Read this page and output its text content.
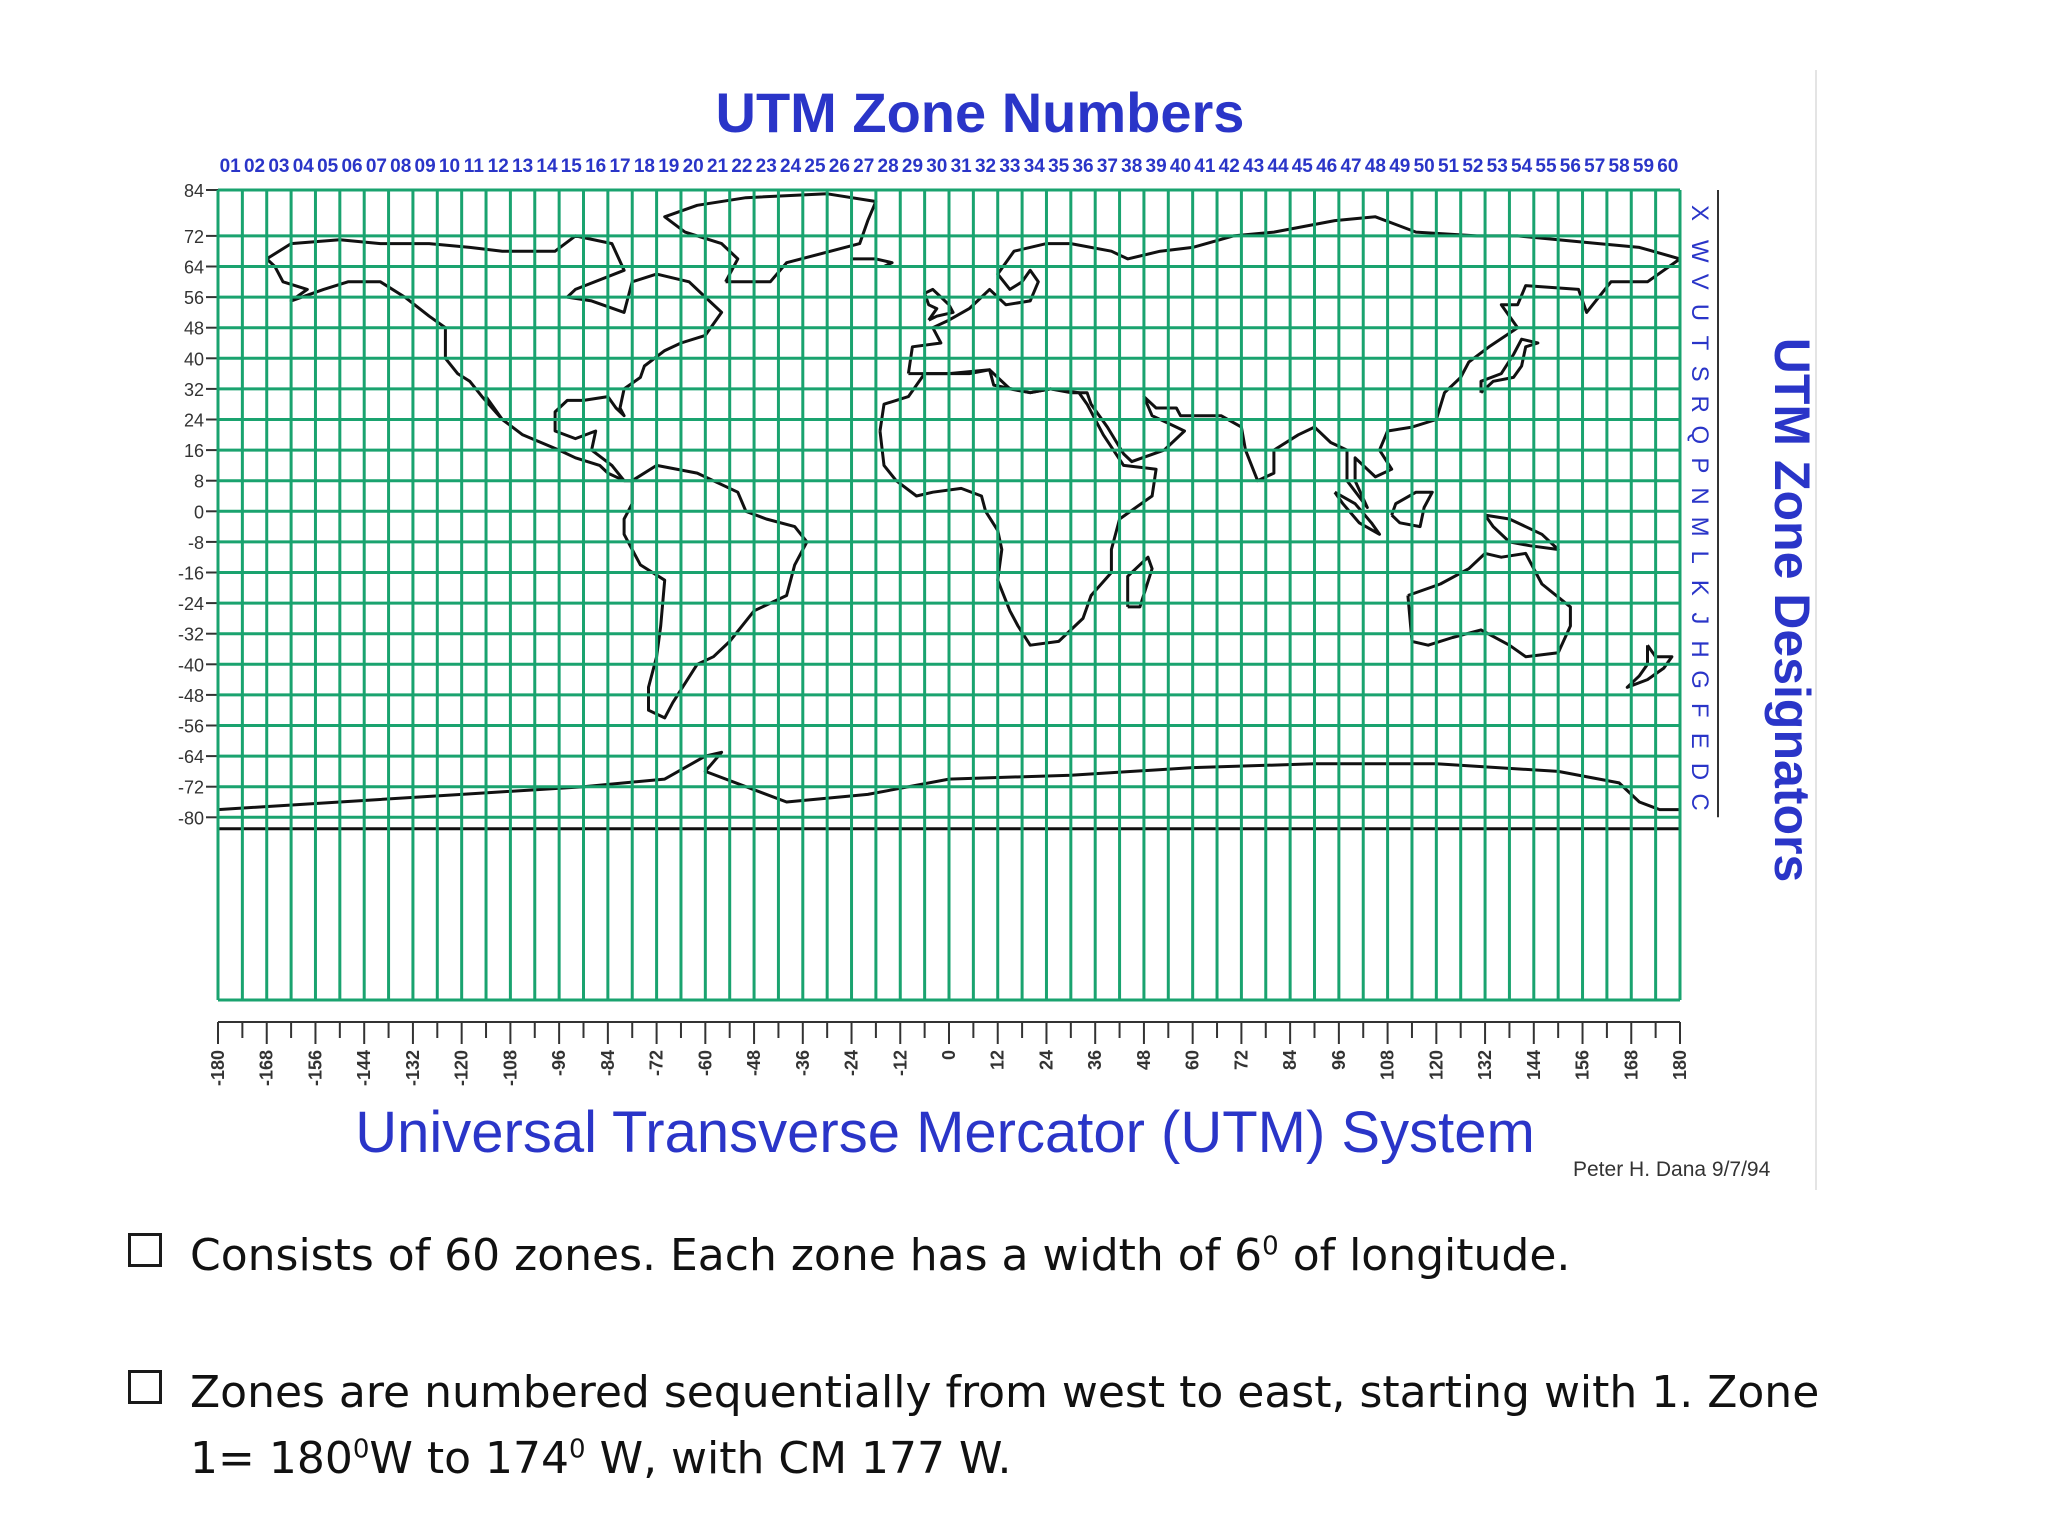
UTM Zone Numbers
UTM Zone Designators
Universal Transverse Mercator (UTM) System
Peter H. Dana 9/7/94
01 02 03 04 05 06 07 08 09 10 11 12 13 14 15 16 17 18 19 20 21 22 23 24 25 26 27 28 29 30 31 32 33 34 35 36 37 38 39 40 41 42 43 44 45 46 47 48 49 50 51 52 53 54 55 56 57 58 59 60
84
72
64
56
48
40
32
24
16
8
0
-8
-16
-24
-32
-40
-48
-56
-64
-72
-80
X
W
V
U
T
S
R
Q
P
N
M
L
K
J
H
G
F
E
D
C
-180 -168 -156 -144 -132 -120 -108 -96 -84 -72 -60 -48 -36 -24 -12 0 12 24 36 48 60 72 84 96 108 120 132 144 156 168 180
Consists of 60 zones. Each zone has a width of $6^0$ of longitude.
Zones are numbered sequentially from west to east, starting with 1. Zone
$1= 180^0W$ to $174^0$ W, with CM 177 W.
